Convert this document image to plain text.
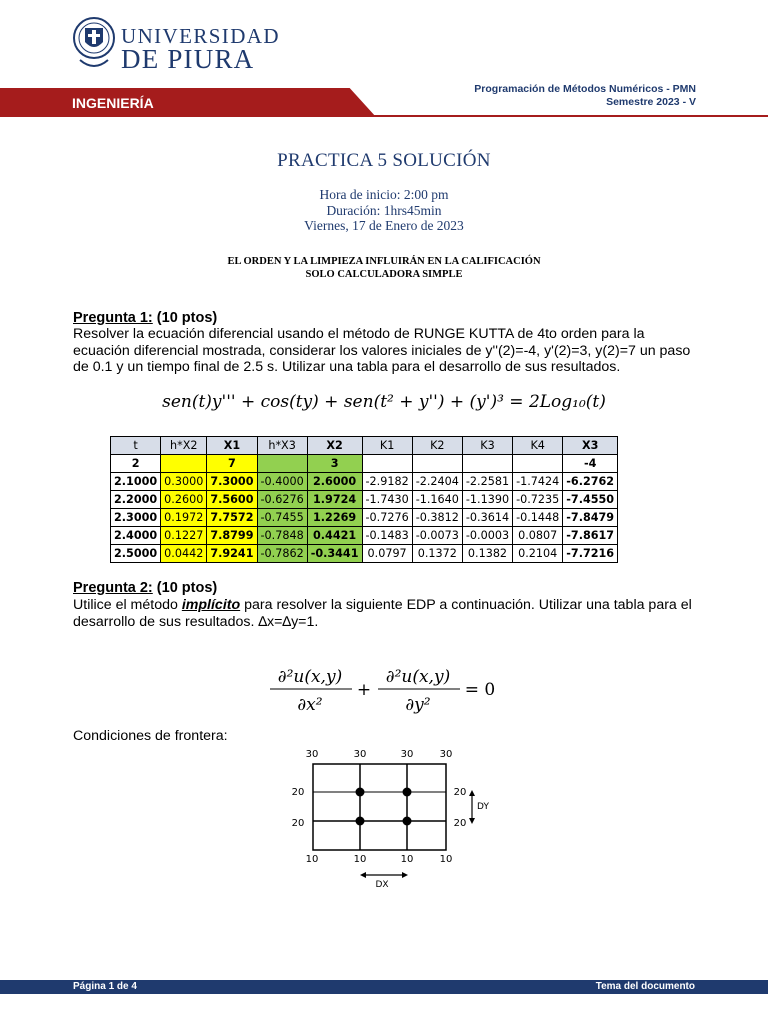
UNIVERSIDAD
DE PIURA
INGENIERÍA
Programación de Métodos Numéricos - PMN
Semestre 2023 - V
PRACTICA 5 SOLUCIÓN
Hora de inicio: 2:00 pm
Duración: 1hrs45min
Viernes, 17 de Enero de 2023
EL ORDEN Y LA LIMPIEZA INFLUIRÁN EN LA CALIFICACIÓN
SOLO CALCULADORA SIMPLE
Pregunta 1: (10 ptos)
Resolver la ecuación diferencial usando el método de RUNGE KUTTA de 4to orden para la ecuación diferencial mostrada, considerar los valores iniciales de y''(2)=-4, y'(2)=3, y(2)=7 un paso de 0.1 y un tiempo final de 2.5 s. Utilizar una tabla para el desarrollo de sus resultados.
sen(t)y''' + cos(ty) + sen(t² + y'') + (y')³ = 2Log₁₀(t)
t	h*X2	X1	h*X3	X2	K1	K2	K3	K4	X3
2		7		3					-4
2.1000	0.3000	7.3000	-0.4000	2.6000	-2.9182	-2.2404	-2.2581	-1.7424	-6.2762
2.2000	0.2600	7.5600	-0.6276	1.9724	-1.7430	-1.1640	-1.1390	-0.7235	-7.4550
2.3000	0.1972	7.7572	-0.7455	1.2269	-0.7276	-0.3812	-0.3614	-0.1448	-7.8479
2.4000	0.1227	7.8799	-0.7848	0.4421	-0.1483	-0.0073	-0.0003	0.0807	-7.8617
2.5000	0.0442	7.9241	-0.7862	-0.3441	0.0797	0.1372	0.1382	0.2104	-7.7216
Pregunta 2: (10 ptos)
Utilice el método implícito para resolver la siguiente EDP a continuación. Utilizar una tabla para el desarrollo de sus resultados. ∆x=∆y=1.
∂²u(x,y)
∂x²
+
∂²u(x,y)
∂y²
= 0
Condiciones de frontera:
30	30	30	30
20
20
20
20
10	10	10	10
DY
DX
Página 1 de 4	Tema del documento
